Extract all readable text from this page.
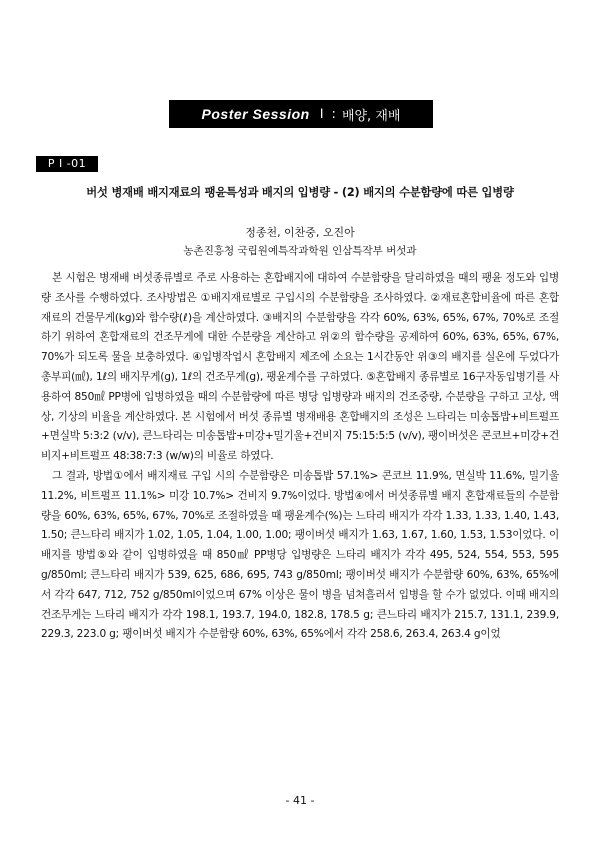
Poster Session Ⅰ : 배양, 재배
P I -01
버섯 병재배 배지재료의 팽윤특성과 배지의 입병량 - (2) 배지의 수분함량에 따른 입병량
정종천, 이찬중, 오진아
농촌진흥청 국립원예특작과학원 인삼특작부 버섯과

본 시험은 병재배 버섯종류별로 주로 사용하는 혼합배지에 대하여 수분함량을 달리하였을 때의 팽윤 정도와 입병량 조사를 수행하였다. 조사방법은 ①배지재료별로 구입시의 수분함량을 조사하였다. ②재료혼합비율에 따른 혼합재료의 건물무게(kg)와 함수량(ℓ)을 계산하였다. ③배지의 수분함량을 각각 60%, 63%, 65%, 67%, 70%로 조절하기 위하여 혼합재료의 건조무게에 대한 수분량을 계산하고 위②의 함수량을 공제하여 60%, 63%, 65%, 67%, 70%가 되도록 물을 보충하였다. ④입병작업시 혼합배지 제조에 소요는 1시간동안 위③의 배지를 실온에 두었다가 총부피(㎖), 1ℓ의 배지무게(g), 1ℓ의 건조무게(g), 팽윤계수를 구하였다. ⑤혼합배지 종류별로 16구자동입병기를 사용하여 850㎖ PP병에 입병하였을 때의 수분함량에 따른 병당 입병량과 배지의 건조중량, 수분량을 구하고 고상, 액상, 기상의 비율을 계산하였다. 본 시험에서 버섯 종류별 병재배용 혼합배지의 조성은 느타리는 미송톱밥+비트펄프+면실박 5:3:2 (v/v), 큰느타리는 미송톱밥+미강+밀기울+건비지 75:15:5:5 (v/v), 팽이버섯은 콘코브+미강+건비지+비트펄프 48:38:7:3 (w/w)의 비율로 하였다.

그 결과, 방법①에서 배지재료 구입 시의 수분함량은 미송톱밥 57.1%> 콘코브 11.9%, 면실박 11.6%, 밀기울 11.2%, 비트펄프 11.1%> 미강 10.7%> 건비지 9.7%이었다. 방법④에서 버섯종류별 배지 혼합재료들의 수분함량을 60%, 63%, 65%, 67%, 70%로 조절하였을 때 팽윤계수(%)는 느타리 배지가 각각 1.33, 1.33, 1.40, 1.43, 1.50; 큰느타리 배지가 1.02, 1.05, 1.04, 1.00, 1.00; 팽이버섯 배지가 1.63, 1.67, 1.60, 1.53, 1.53이었다. 이 배지를 방법⑤와 같이 입병하였을 때 850㎖ PP병당 입병량은 느타리 배지가 각각 495, 524, 554, 553, 595 g/850ml; 큰느타리 배지가 539, 625, 686, 695, 743 g/850ml; 팽이버섯 배지가 수분함량 60%, 63%, 65%에서 각각 647, 712, 752 g/850ml이었으며 67% 이상은 물이 병을 넘쳐흘러서 입병을 할 수가 없었다. 이때 배지의 건조무게는 느타리 배지가 각각 198.1, 193.7, 194.0, 182.8, 178.5 g; 큰느타리 배지가 215.7, 131.1, 239.9, 229.3, 223.0 g; 팽이버섯 배지가 수분함량 60%, 63%, 65%에서 각각 258.6, 263.4, 263.4 g이었

- 41 -
